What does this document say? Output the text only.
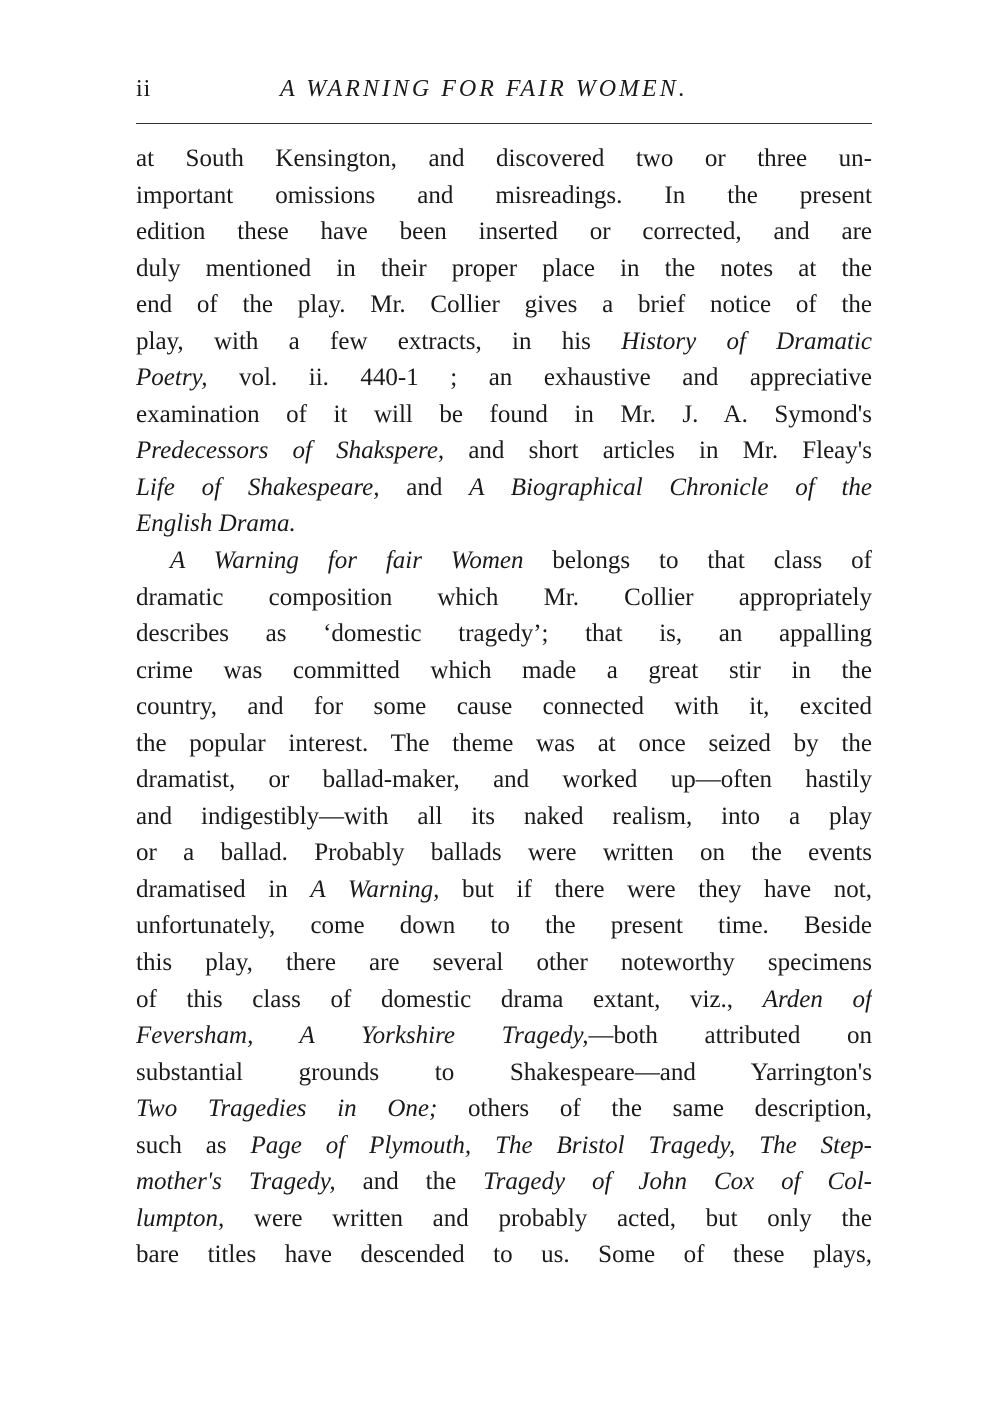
ii	A WARNING FOR FAIR WOMEN.
at South Kensington, and discovered two or three un-
important omissions and misreadings. In the present
edition these have been inserted or corrected, and are
duly mentioned in their proper place in the notes at the
end of the play. Mr. Collier gives a brief notice of the
play, with a few extracts, in his History of Dramatic
Poetry, vol. ii. 440-1 ; an exhaustive and appreciative
examination of it will be found in Mr. J. A. Symond's
Predecessors of Shakspere, and short articles in Mr. Fleay's
Life of Shakespeare, and A Biographical Chronicle of the
English Drama.
A Warning for fair Women belongs to that class of
dramatic composition which Mr. Collier appropriately
describes as ‘domestic tragedy’; that is, an appalling
crime was committed which made a great stir in the
country, and for some cause connected with it, excited
the popular interest. The theme was at once seized by the
dramatist, or ballad-maker, and worked up—often hastily
and indigestibly—with all its naked realism, into a play
or a ballad. Probably ballads were written on the events
dramatised in A Warning, but if there were they have not,
unfortunately, come down to the present time. Beside
this play, there are several other noteworthy specimens
of this class of domestic drama extant, viz., Arden of
Feversham, A Yorkshire Tragedy,—both attributed on
substantial grounds to Shakespeare—and Yarrington's
Two Tragedies in One; others of the same description,
such as Page of Plymouth, The Bristol Tragedy, The Step-
mother's Tragedy, and the Tragedy of John Cox of Col-
lumpton, were written and probably acted, but only the
bare titles have descended to us. Some of these plays,
